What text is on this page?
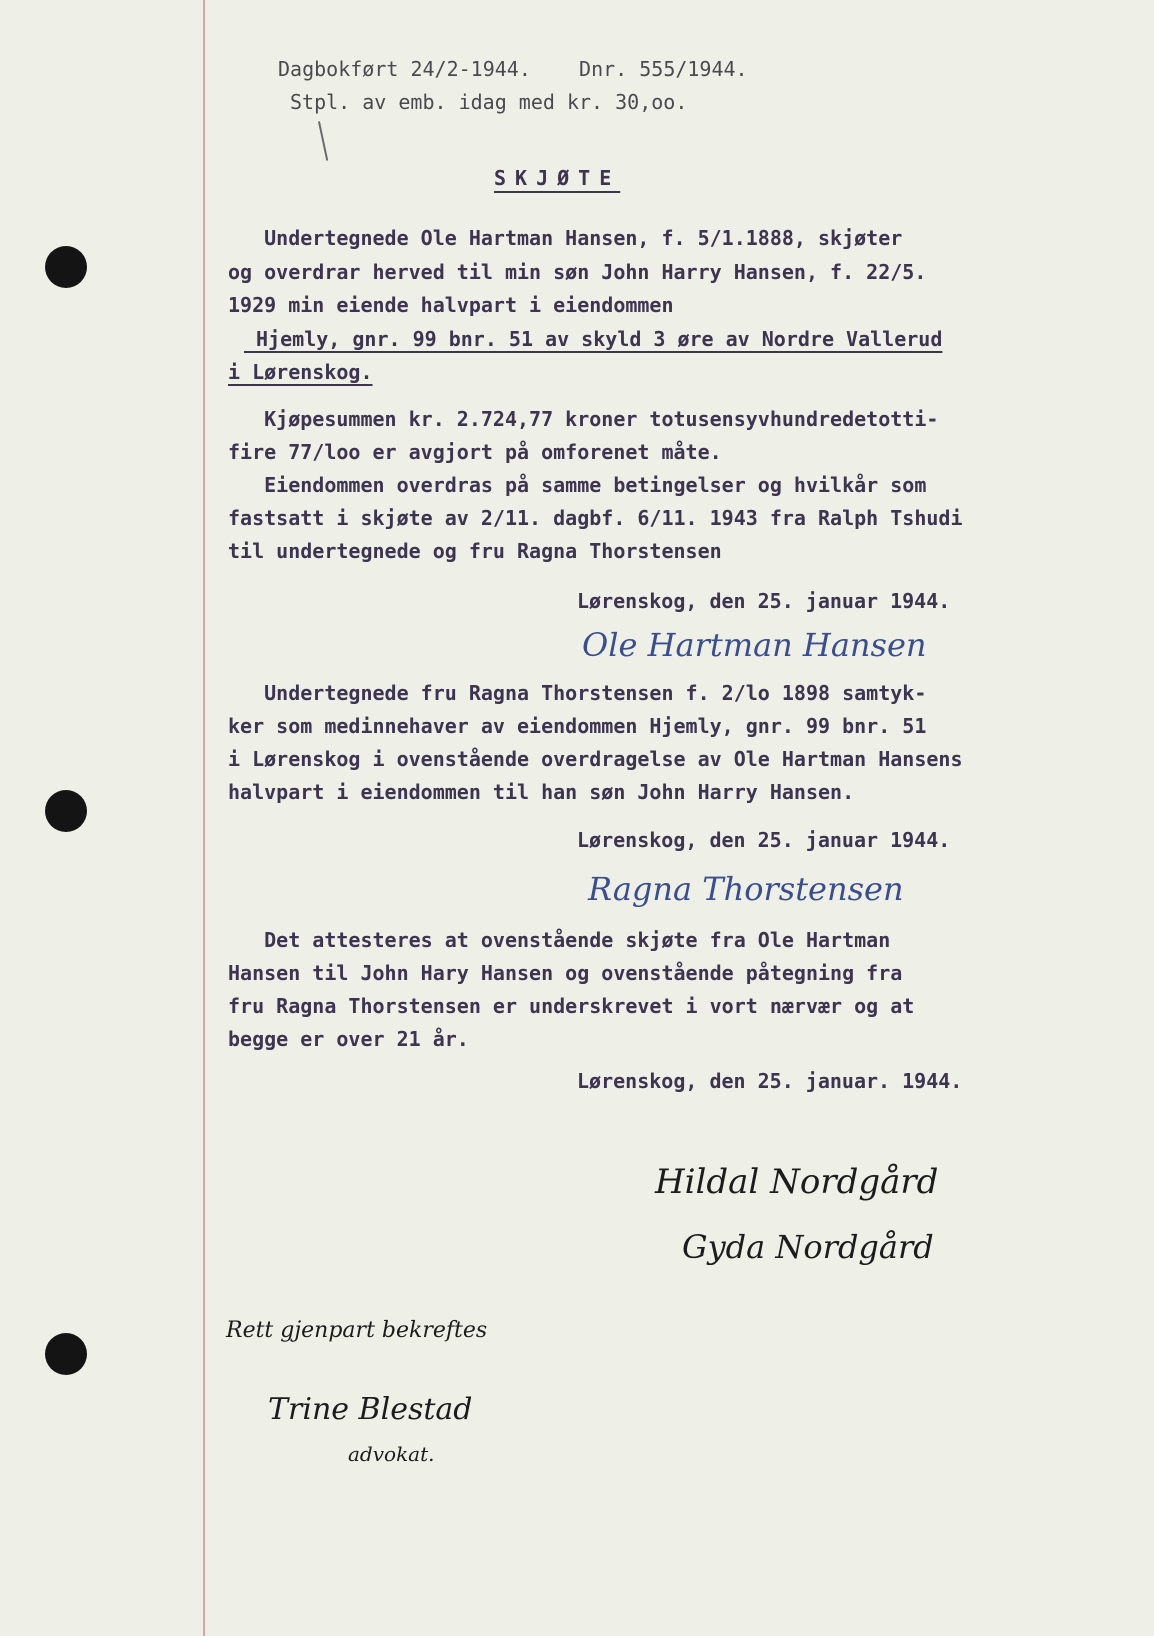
Dagbokført 24/2-1944.    Dnr. 555/1944.
Stpl. av emb. idag med kr. 30,oo.
SKJØTE
Undertegnede Ole Hartman Hansen, f. 5/1.1888, skjøter
og overdrar herved til min søn John Harry Hansen, f. 22/5.
1929 min eiende halvpart i eiendommen
Hjemly, gnr. 99 bnr. 51 av skyld 3 øre av Nordre Vallerud
i Lørenskog.
Kjøpesummen kr. 2.724,77 kroner totusensyvhundredetotti-
fire 77/loo er avgjort på omforenet måte.
Eiendommen overdras på samme betingelser og hvilkår som
fastsatt i skjøte av 2/11. dagbf. 6/11. 1943 fra Ralph Tshudi
til undertegnede og fru Ragna Thorstensen
Lørenskog, den 25. januar 1944.
Ole Hartman Hansen
Undertegnede fru Ragna Thorstensen f. 2/lo 1898 samtyk-
ker som medinnehaver av eiendommen Hjemly, gnr. 99 bnr. 51
i Lørenskog i ovenstående overdragelse av Ole Hartman Hansens
halvpart i eiendommen til han søn John Harry Hansen.
Lørenskog, den 25. januar 1944.
Ragna Thorstensen
Det attesteres at ovenstående skjøte fra Ole Hartman
Hansen til John Hary Hansen og ovenstående påtegning fra
fru Ragna Thorstensen er underskrevet i vort nærvær og at
begge er over 21 år.
Lørenskog, den 25. januar. 1944.
Hildal Nordgård
Gyda Nordgård
Rett gjenpart bekreftes
Trine Blestad
advokat.
